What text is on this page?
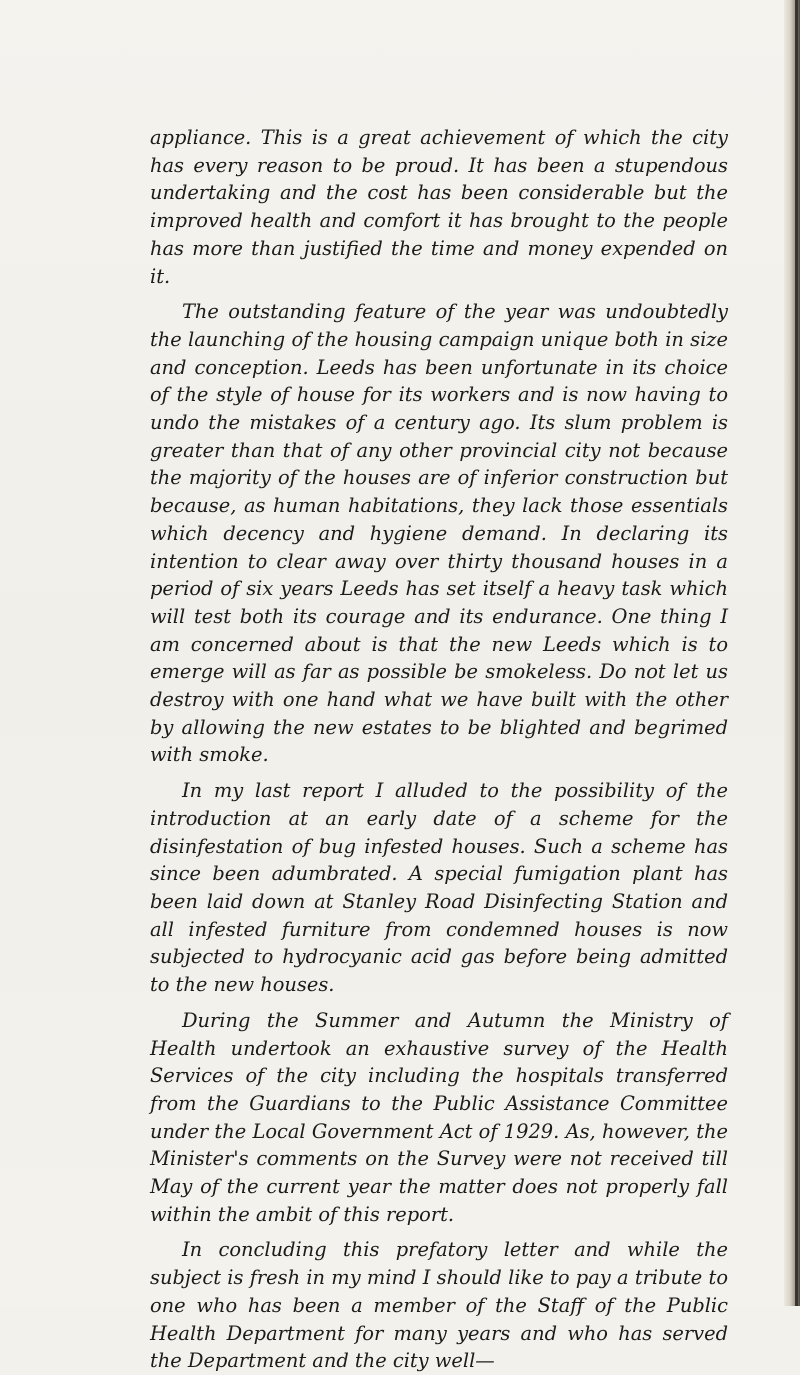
appliance. This is a great achievement of which the city has every reason to be proud. It has been a stupendous undertaking and the cost has been considerable but the improved health and comfort it has brought to the people has more than justified the time and money expended on it.

The outstanding feature of the year was undoubtedly the launching of the housing campaign unique both in size and conception. Leeds has been unfortunate in its choice of the style of house for its workers and is now having to undo the mistakes of a century ago. Its slum problem is greater than that of any other provincial city not because the majority of the houses are of inferior construction but because, as human habitations, they lack those essentials which decency and hygiene demand. In declaring its intention to clear away over thirty thousand houses in a period of six years Leeds has set itself a heavy task which will test both its courage and its endurance. One thing I am concerned about is that the new Leeds which is to emerge will as far as possible be smokeless. Do not let us destroy with one hand what we have built with the other by allowing the new estates to be blighted and begrimed with smoke.

In my last report I alluded to the possibility of the introduction at an early date of a scheme for the disinfestation of bug infested houses. Such a scheme has since been adumbrated. A special fumigation plant has been laid down at Stanley Road Disinfecting Station and all infested furniture from condemned houses is now subjected to hydrocyanic acid gas before being admitted to the new houses.

During the Summer and Autumn the Ministry of Health undertook an exhaustive survey of the Health Services of the city including the hospitals transferred from the Guardians to the Public Assistance Committee under the Local Government Act of 1929. As, however, the Minister's comments on the Survey were not received till May of the current year the matter does not properly fall within the ambit of this report.

In concluding this prefatory letter and while the subject is fresh in my mind I should like to pay a tribute to one who has been a member of the Staff of the Public Health Department for many years and who has served the Department and the city well—
